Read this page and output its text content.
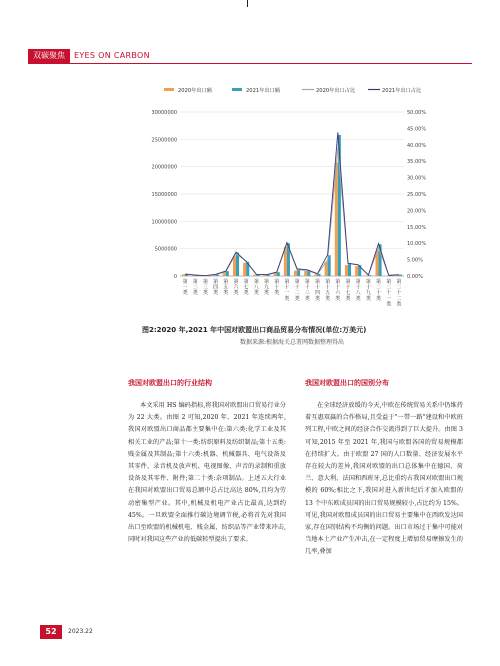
双碳聚焦	EYES ON CARBON
2020年出口额	2021年出口额	2020年出口占比	2021年出口占比
0
5000000
10000000
15000000
20000000
25000000
30000000
0.00%
5.00%
10.00%
15.00%
20.00%
25.00%
30.00%
35.00%
40.00%
45.00%
50.00%
第
一
类
第
二
类
第
三
类
第
四
类
第
五
类
第
六
类
第
七
类
第
八
类
第
九
类
第
十
类
第
十
一
类
第
十
二
类
第
十
三
类
第
十
四
类
第
十
五
类
第
十
六
类
第
十
七
类
第
十
八
类
第
十
九
类
第
二
十
类
第
二
十
一
类
第
二
十
二
类
图2:2020 年,2021 年中国对欧盟出口商品贸易分布情况(单位:万美元)
数据来源:根据海关总署网数据整理得出
我国对欧盟出口的行业结构

本文采用 HS 编码指标,将我国对欧盟出口贸易行业分为 22 大类。由图 2 可知,2020 年、2021 年连续两年,我国对欧盟出口商品都主要集中在:第六类:化学工业及其相关工业的产品;第十一类:纺织原料及纺织制品;第十五类:贱金属及其制品;第十六类:机器、机械器具、电气设备及其零件、录音机及放声机、电视图像、声音的录制和重放设备及其零件、附件;第二十类:杂项制品。上述五大行业在我国对欧盟出口贸易总额中总占比高达 80%,且均为劳动密集型产业。其中,机械及机电产业占比最高,达到约 45%。一旦欧盟全面推行碳边境调节税,必将首先对我国出口至欧盟的机械机电、贱金属、纺织品等产业带来冲击,同时对我国这些产业的低碳转型提出了要求。

我国对欧盟出口的国别分布

在全球经济放缓的今天,中欧在传统贸易关系中仍维持着互惠双赢的合作格局,且受益于"一带一路"建设和中欧班列工程,中欧之间的经济合作交流得到了巨大提升。由图 3 可知,2015 年至 2021 年,我国与欧盟各国的贸易规模都在持续扩大。由于欧盟 27 国的人口数量、经济发展水平存在较大的差异,我国对欧盟的出口总体集中在德国、荷兰、意大利、法国和西班牙,总比重约占我国对欧盟出口规模的 60%;相比之下,我国对进入新世纪后才加入欧盟的 13 个中东欧成员国的出口贸易规模较小,占比约为 15%。可见,我国对欧盟成员国的出口贸易主要集中在西欧发达国家,存在国别结构不均衡的问题。出口市场过于集中可能对当地本土产业产生冲击,在一定程度上增加贸易摩擦发生的几率,叠加

52	2023.22
